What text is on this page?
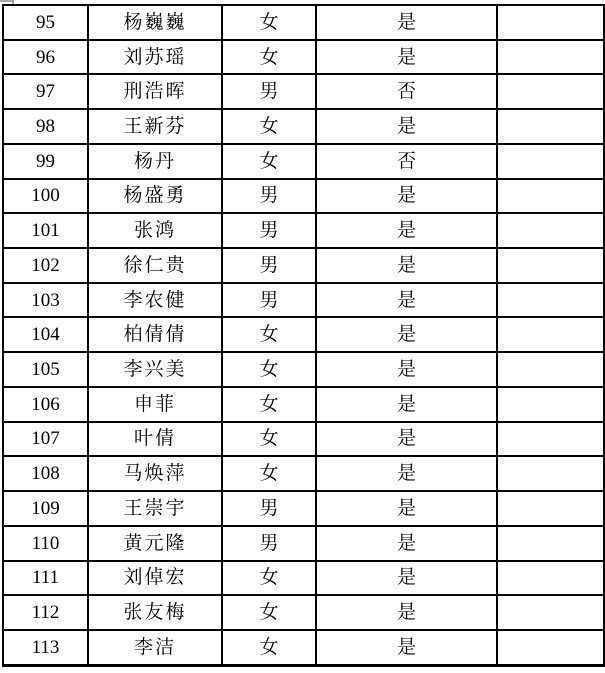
95	杨巍巍	女	是	
96	刘苏瑶	女	是	
97	刑浩晖	男	否	
98	王新芬	女	是	
99	杨丹	女	否	
100	杨盛勇	男	是	
101	张鸿	男	是	
102	徐仁贵	男	是	
103	李农健	男	是	
104	柏倩倩	女	是	
105	李兴美	女	是	
106	申菲	女	是	
107	叶倩	女	是	
108	马焕萍	女	是	
109	王崇宇	男	是	
110	黄元隆	男	是	
111	刘倬宏	女	是	
112	张友梅	女	是	
113	李洁	女	是	
